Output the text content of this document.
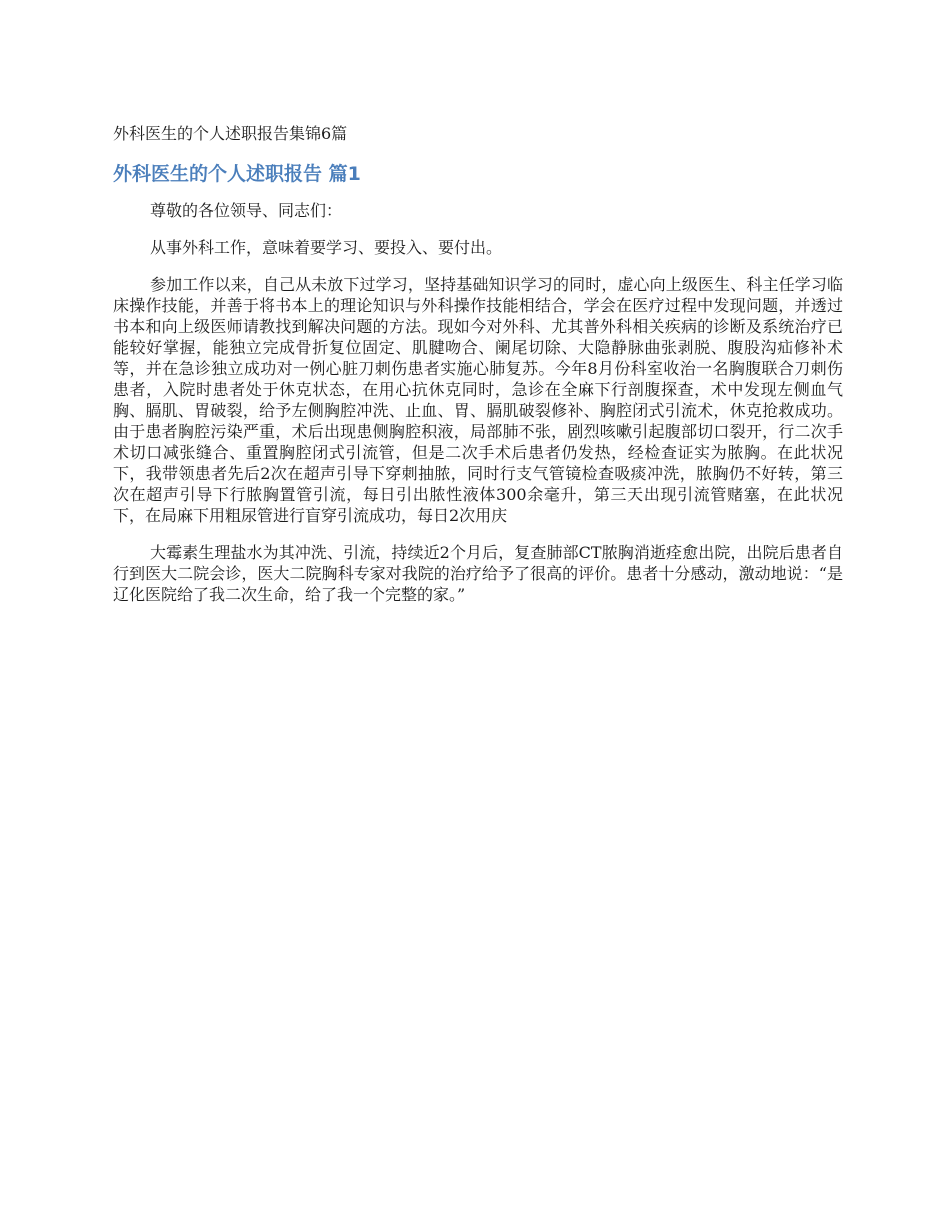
外科医生的个人述职报告集锦6篇
外科医生的个人述职报告 篇1

尊敬的各位领导、同志们：

从事外科工作，意味着要学习、要投入、要付出。

参加工作以来，自己从未放下过学习，坚持基础知识学习的同时，虚心向上级医生、科主任学习临床操作技能，并善于将书本上的理论知识与外科操作技能相结合，学会在医疗过程中发现问题，并透过书本和向上级医师请教找到解决问题的方法。现如今对外科、尤其普外科相关疾病的诊断及系统治疗已能较好掌握，能独立完成骨折复位固定、肌腱吻合、阑尾切除、大隐静脉曲张剥脱、腹股沟疝修补术等，并在急诊独立成功对一例心脏刀刺伤患者实施心肺复苏。今年8月份科室收治一名胸腹联合刀刺伤患者，入院时患者处于休克状态，在用心抗休克同时，急诊在全麻下行剖腹探查，术中发现左侧血气胸、膈肌、胃破裂，给予左侧胸腔冲洗、止血、胃、膈肌破裂修补、胸腔闭式引流术，休克抢救成功。由于患者胸腔污染严重，术后出现患侧胸腔积液，局部肺不张，剧烈咳嗽引起腹部切口裂开，行二次手术切口减张缝合、重置胸腔闭式引流管，但是二次手术后患者仍发热，经检查证实为脓胸。在此状况下，我带领患者先后2次在超声引导下穿刺抽脓，同时行支气管镜检查吸痰冲洗，脓胸仍不好转，第三次在超声引导下行脓胸置管引流，每日引出脓性液体300余毫升，第三天出现引流管赌塞，在此状况下，在局麻下用粗尿管进行盲穿引流成功，每日2次用庆

大霉素生理盐水为其冲洗、引流，持续近2个月后，复查肺部CT脓胸消逝痊愈出院，出院后患者自行到医大二院会诊，医大二院胸科专家对我院的治疗给予了很高的评价。患者十分感动，激动地说：“是辽化医院给了我二次生命，给了我一个完整的家。”
